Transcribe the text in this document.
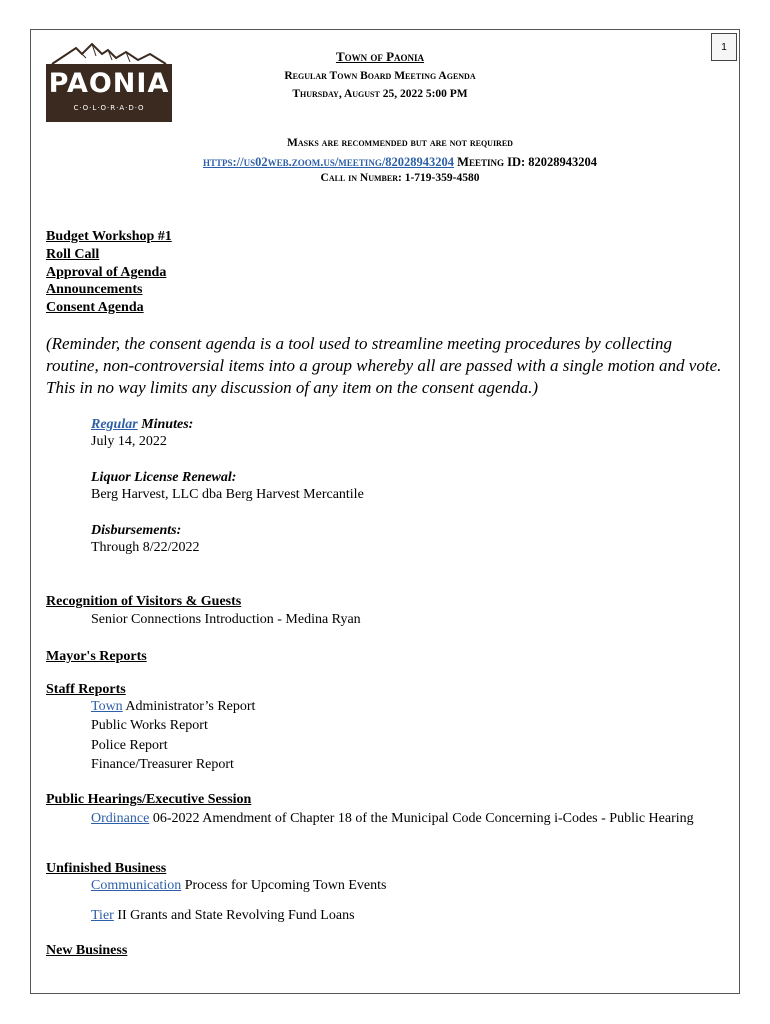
1
PAONIA
C·O·L·O·R·A·D·O
Town of Paonia
Regular Town Board Meeting Agenda
Thursday, August 25, 2022 5:00 PM
Masks are recommended but are not required
https://us02web.zoom.us/meeting/82028943204 Meeting ID: 82028943204
Call in Number: 1-719-359-4580
Budget Workshop #1
Roll Call
Approval of Agenda
Announcements
Consent Agenda
(Reminder, the consent agenda is a tool used to streamline meeting procedures by collecting routine, non-controversial items into a group whereby all are passed with a single motion and vote. This in no way limits any discussion of any item on the consent agenda.)
Regular Minutes:
July 14, 2022
Liquor License Renewal:
Berg Harvest, LLC dba Berg Harvest Mercantile
Disbursements:
Through 8/22/2022
Recognition of Visitors & Guests
Senior Connections Introduction - Medina Ryan
Mayor's Reports
Staff Reports
Town Administrator’s Report
Public Works Report
Police Report
Finance/Treasurer Report
Public Hearings/Executive Session
Ordinance 06-2022 Amendment of Chapter 18 of the Municipal Code Concerning i-Codes - Public Hearing
Unfinished Business
Communication Process for Upcoming Town Events
Tier II Grants and State Revolving Fund Loans
New Business
